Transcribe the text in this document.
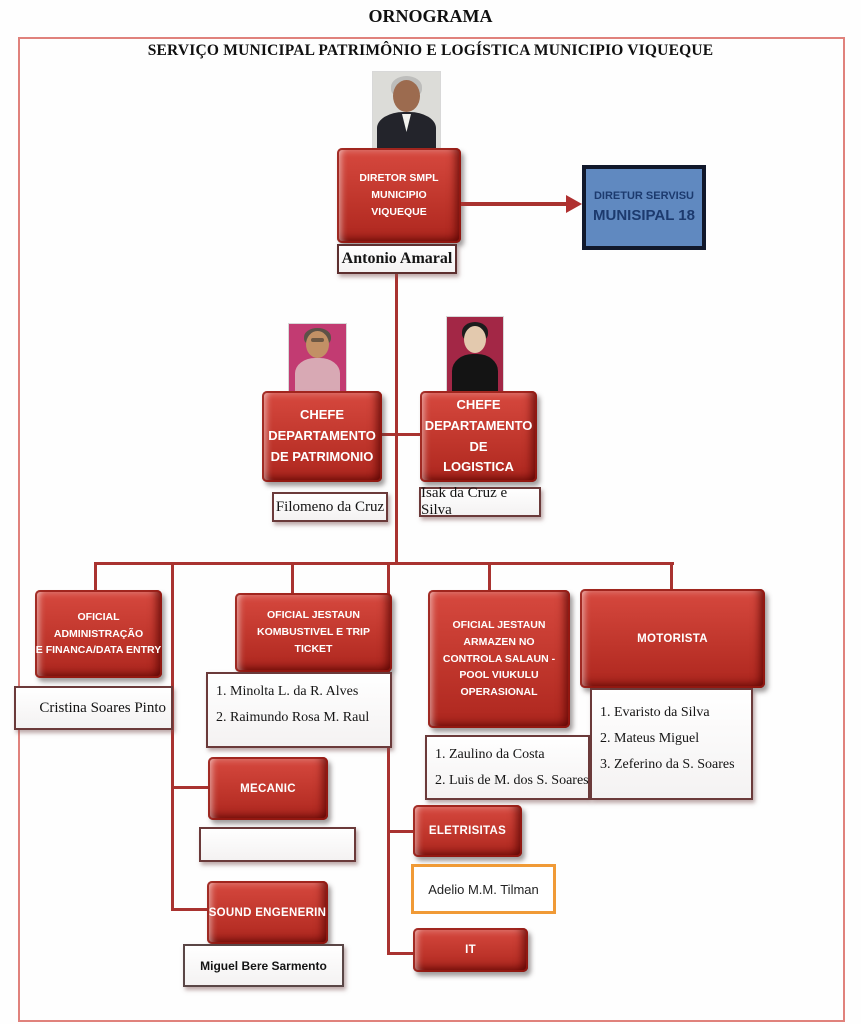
ORNOGRAMA
SERVIÇO MUNICIPAL PATRIMÔNIO E LOGÍSTICA MUNICIPIO VIQUEQUE
DIRETOR SMPL MUNICIPIO
VIQUEQUE
DIRETUR SERVISU
MUNISIPAL 18
Antonio Amaral
CHEFE
DEPARTAMENTO
DE PATRIMONIO
CHEFE
DEPARTAMENTO DE
LOGISTICA
Filomeno da Cruz
Isak da Cruz e Silva
OFICIAL ADMINISTRAÇÃO
E FINANCA/DATA ENTRY
Cristina Soares Pinto
OFICIAL JESTAUN
KOMBUSTIVEL E TRIP
TICKET
1. Minolta L. da R. Alves
2. Raimundo Rosa M. Raul
OFICIAL JESTAUN
ARMAZEN NO
CONTROLA SALAUN -
POOL VIUKULU
OPERASIONAL
1. Zaulino da Costa
2. Luis de M. dos S. Soares
MOTORISTA
1. Evaristo da Silva
2. Mateus Miguel
3. Zeferino da S. Soares
MECANIC
SOUND ENGENERIN
Miguel Bere Sarmento
ELETRISITAS
Adelio M.M. Tilman
IT
